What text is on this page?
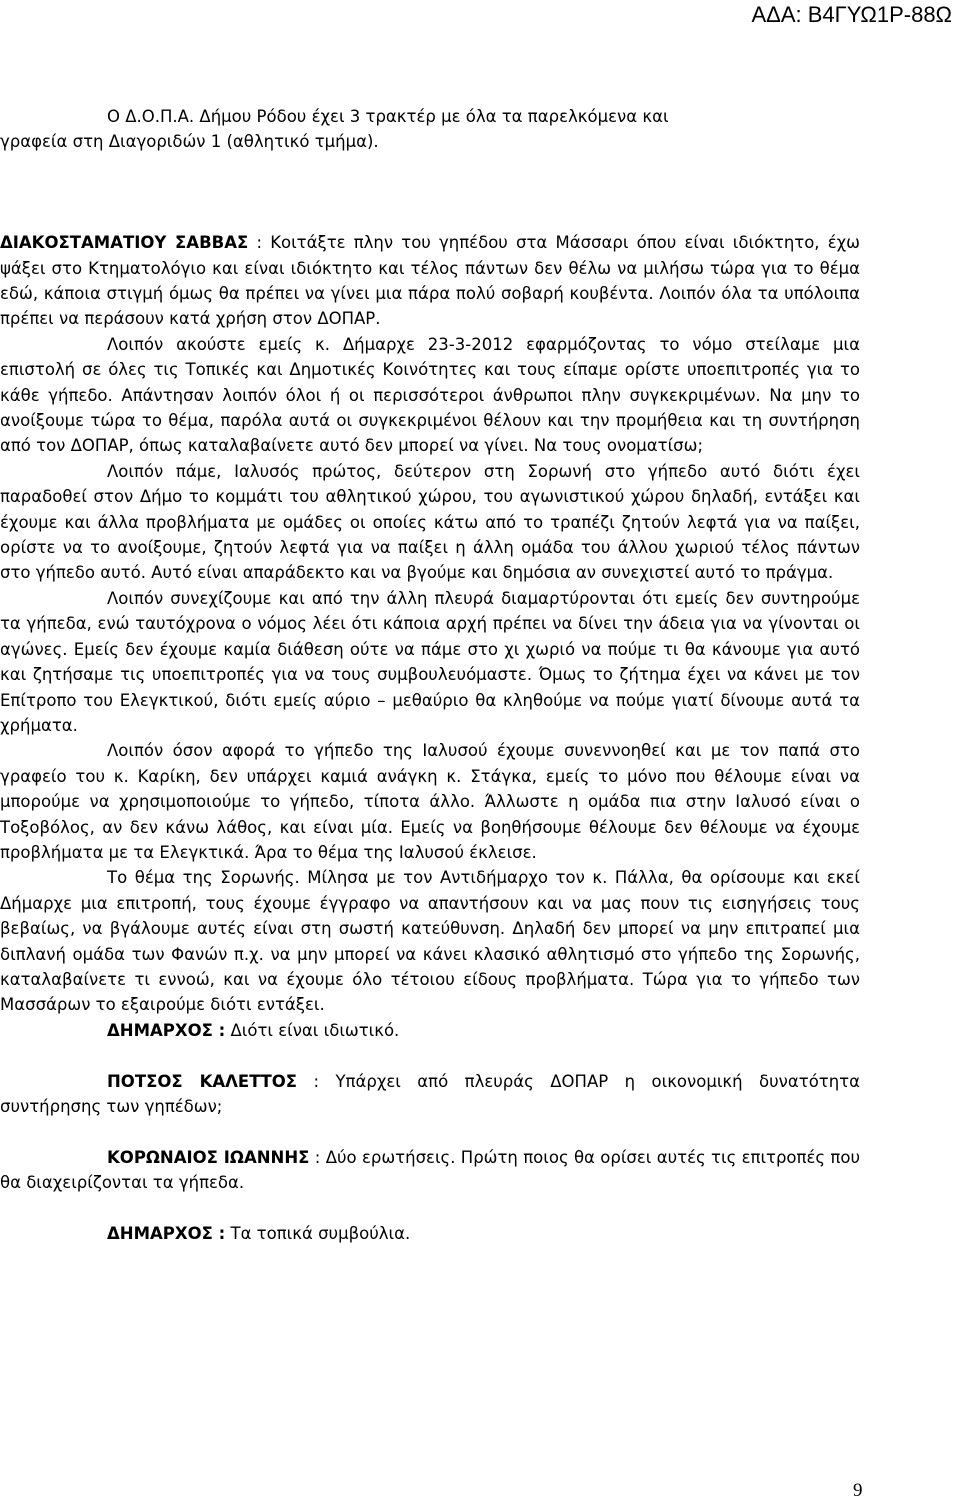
ΑΔΑ: Β4ΓΥΩ1Ρ-88Ω

Ο Δ.Ο.Π.Α. Δήμου Ρόδου έχει 3 τρακτέρ με όλα τα παρελκόμενα και

γραφεία στη Διαγοριδών 1 (αθλητικό τμήμα).

ΔΙΑΚΟΣΤΑΜΑΤΙΟΥ ΣΑΒΒΑΣ : Κοιτάξτε πλην του γηπέδου στα Μάσσαρι όπου είναι ιδιόκτητο, έχω ψάξει στο Κτηματολόγιο και είναι ιδιόκτητο και τέλος πάντων δεν θέλω να μιλήσω τώρα για το θέμα εδώ, κάποια στιγμή όμως θα πρέπει να γίνει μια πάρα πολύ σοβαρή κουβέντα. Λοιπόν όλα τα υπόλοιπα πρέπει να περάσουν κατά χρήση στον ΔΟΠΑΡ.

Λοιπόν ακούστε εμείς κ. Δήμαρχε 23-3-2012 εφαρμόζοντας το νόμο στείλαμε μια επιστολή σε όλες τις Τοπικές και Δημοτικές Κοινότητες και τους είπαμε ορίστε υποεπιτροπές για το κάθε γήπεδο. Απάντησαν λοιπόν όλοι ή οι περισσότεροι άνθρωποι πλην συγκεκριμένων. Να μην το ανοίξουμε τώρα το θέμα, παρόλα αυτά οι συγκεκριμένοι θέλουν και την προμήθεια και τη συντήρηση από τον ΔΟΠΑΡ, όπως καταλαβαίνετε αυτό δεν μπορεί να γίνει. Να τους ονοματίσω;

Λοιπόν πάμε, Ιαλυσός πρώτος, δεύτερον στη Σορωνή στο γήπεδο αυτό διότι έχει παραδοθεί στον Δήμο το κομμάτι του αθλητικού χώρου, του αγωνιστικού χώρου δηλαδή, εντάξει και έχουμε και άλλα προβλήματα με ομάδες οι οποίες κάτω από το τραπέζι ζητούν λεφτά για να παίξει, ορίστε να το ανοίξουμε, ζητούν λεφτά για να παίξει η άλλη ομάδα του άλλου χωριού τέλος πάντων στο γήπεδο αυτό. Αυτό είναι απαράδεκτο και να βγούμε και δημόσια αν συνεχιστεί αυτό το πράγμα.

Λοιπόν συνεχίζουμε και από την άλλη πλευρά διαμαρτύρονται ότι εμείς δεν συντηρούμε τα γήπεδα, ενώ ταυτόχρονα ο νόμος λέει ότι κάποια αρχή πρέπει να δίνει την άδεια για να γίνονται οι αγώνες. Εμείς δεν έχουμε καμία διάθεση ούτε να πάμε στο χι χωριό να πούμε τι θα κάνουμε για αυτό και ζητήσαμε τις υποεπιτροπές για να τους συμβουλευόμαστε. Όμως το ζήτημα έχει να κάνει με τον Επίτροπο του Ελεγκτικού, διότι εμείς αύριο – μεθαύριο θα κληθούμε να πούμε γιατί δίνουμε αυτά τα χρήματα.

Λοιπόν όσον αφορά το γήπεδο της Ιαλυσού έχουμε συνεννοηθεί και με τον παπά στο γραφείο του κ. Καρίκη, δεν υπάρχει καμιά ανάγκη κ. Στάγκα, εμείς το μόνο που θέλουμε είναι να μπορούμε να χρησιμοποιούμε το γήπεδο, τίποτα άλλο. Άλλωστε η ομάδα πια στην Ιαλυσό είναι ο Τοξοβόλος, αν δεν κάνω λάθος, και είναι μία. Εμείς να βοηθήσουμε θέλουμε δεν θέλουμε να έχουμε προβλήματα με τα Ελεγκτικά. Άρα το θέμα της Ιαλυσού έκλεισε.

Το θέμα της Σορωνής. Μίλησα με τον Αντιδήμαρχο τον κ. Πάλλα, θα ορίσουμε και εκεί Δήμαρχε μια επιτροπή, τους έχουμε έγγραφο να απαντήσουν και να μας πουν τις εισηγήσεις τους βεβαίως, να βγάλουμε αυτές είναι στη σωστή κατεύθυνση. Δηλαδή δεν μπορεί να μην επιτραπεί μια διπλανή ομάδα των Φανών π.χ. να μην μπορεί να κάνει κλασικό αθλητισμό στο γήπεδο της Σορωνής, καταλαβαίνετε τι εννοώ, και να έχουμε όλο τέτοιου είδους προβλήματα. Τώρα για το γήπεδο των Μασσάρων το εξαιρούμε διότι εντάξει.

ΔΗΜΑΡΧΟΣ : Διότι είναι ιδιωτικό.

ΠΟΤΣΟΣ ΚΑΛΕΤΤΟΣ : Υπάρχει από πλευράς ΔΟΠΑΡ η οικονομική δυνατότητα συντήρησης των γηπέδων;

ΚΟΡΩΝΑΙΟΣ ΙΩΑΝΝΗΣ : Δύο ερωτήσεις. Πρώτη ποιος θα ορίσει αυτές τις επιτροπές που θα διαχειρίζονται τα γήπεδα.

ΔΗΜΑΡΧΟΣ : Τα τοπικά συμβούλια.

9
